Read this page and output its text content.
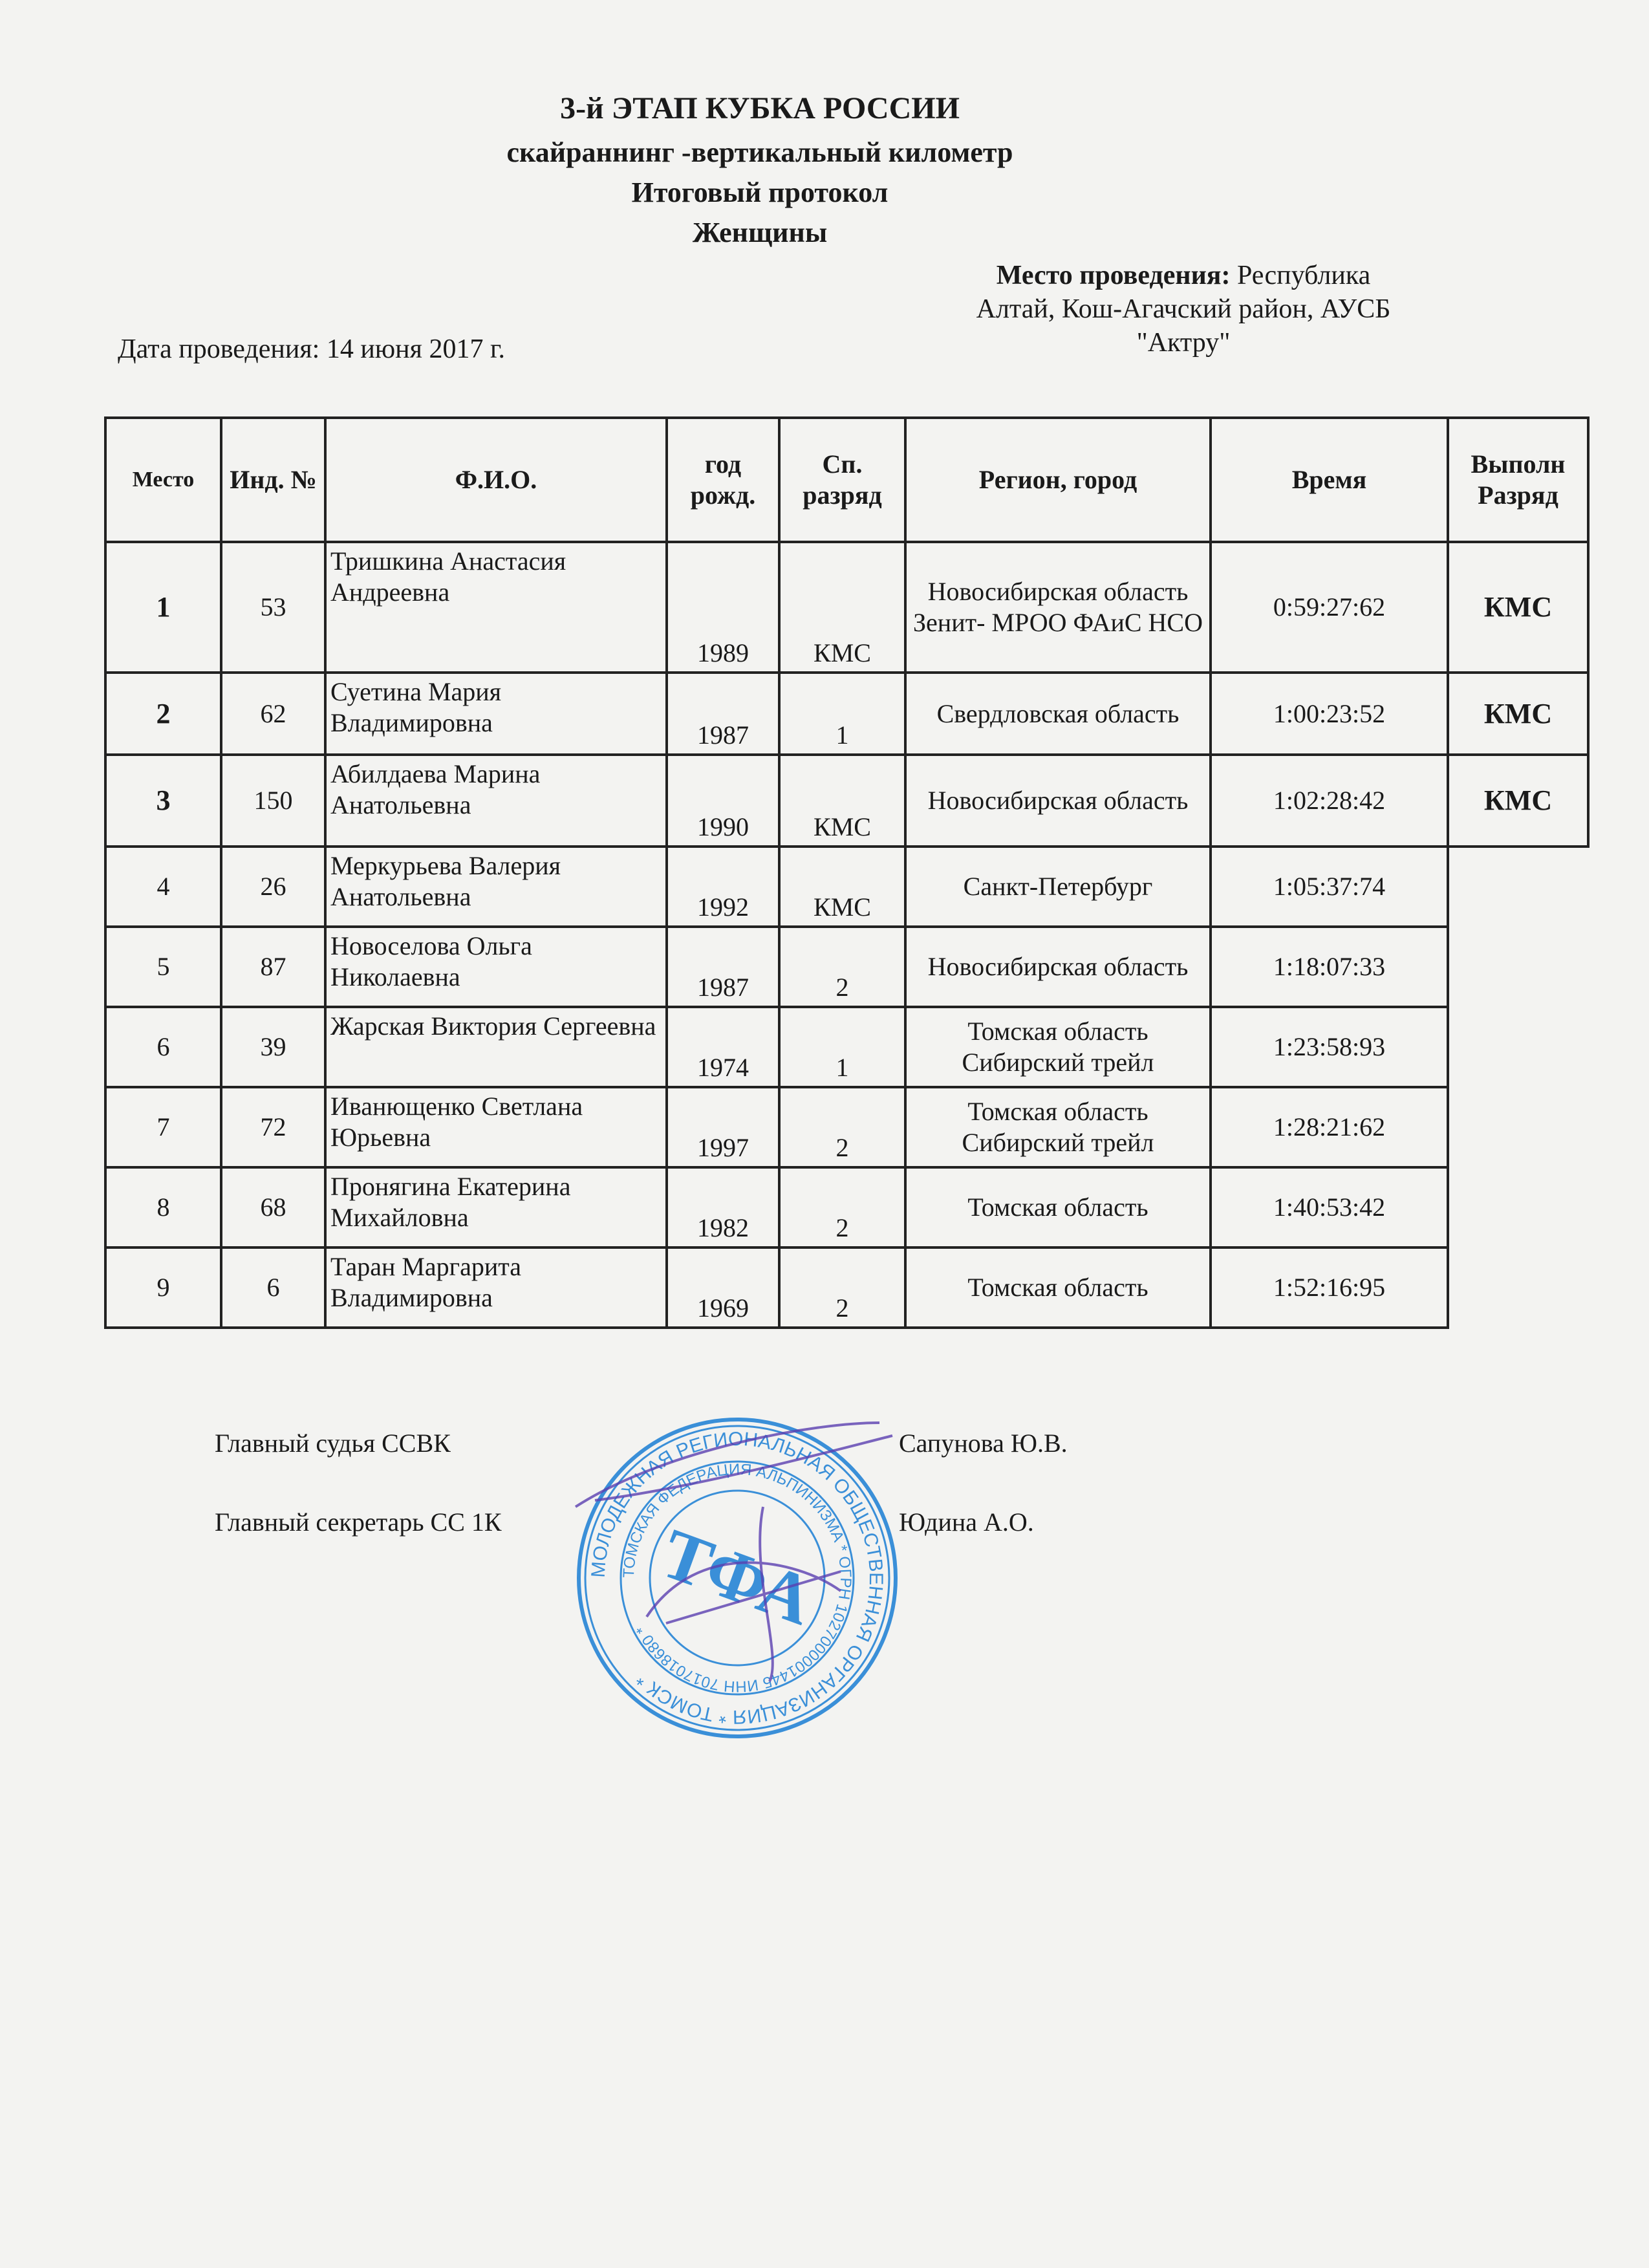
3-й ЭТАП КУБКА РОССИИ
скайраннинг -вертикальный километр
Итоговый протокол
Женщины
Место проведения: Республика
Алтай, Кош-Агачский район, АУСБ
"Актру"
Дата проведения: 14 июня 2017 г.
Место	Инд. №	Ф.И.О.	год рожд.	Сп. разряд	Регион, город	Время	Выполн Разряд
1	53	Тришкина Анастасия Андреевна	1989	КМС	Новосибирская область Зенит- МРОО ФАиС НСО	0:59:27:62	КМС
2	62	Суетина Мария Владимировна	1987	1	Свердловская область	1:00:23:52	КМС
3	150	Абилдаева Марина Анатольевна	1990	КМС	Новосибирская область	1:02:28:42	КМС
4	26	Меркурьева Валерия Анатольевна	1992	КМС	Санкт-Петербург	1:05:37:74	
5	87	Новоселова Ольга Николаевна	1987	2	Новосибирская область	1:18:07:33	
6	39	Жарская Виктория Сергеевна	1974	1	Томская область Сибирский трейл	1:23:58:93	
7	72	Иванющенко Светлана Юрьевна	1997	2	Томская область Сибирский трейл	1:28:21:62	
8	68	Пронягина Екатерина Михайловна	1982	2	Томская область	1:40:53:42	
9	6	Таран Маргарита Владимировна	1969	2	Томская область	1:52:16:95	
Главный судья ССВК	Сапунова Ю.В.
Главный секретарь СС 1К	Юдина А.О.
МОЛОДЕЖНАЯ РЕГИОНАЛЬНАЯ ОБЩЕСТВЕННАЯ ОРГАНИЗАЦИЯ * ТОМСК *
ТОМСКАЯ ФЕДЕРАЦИЯ АЛЬПИНИЗМА * ОГРН 1027000001445 ИНН 7017018680 * ТФА
